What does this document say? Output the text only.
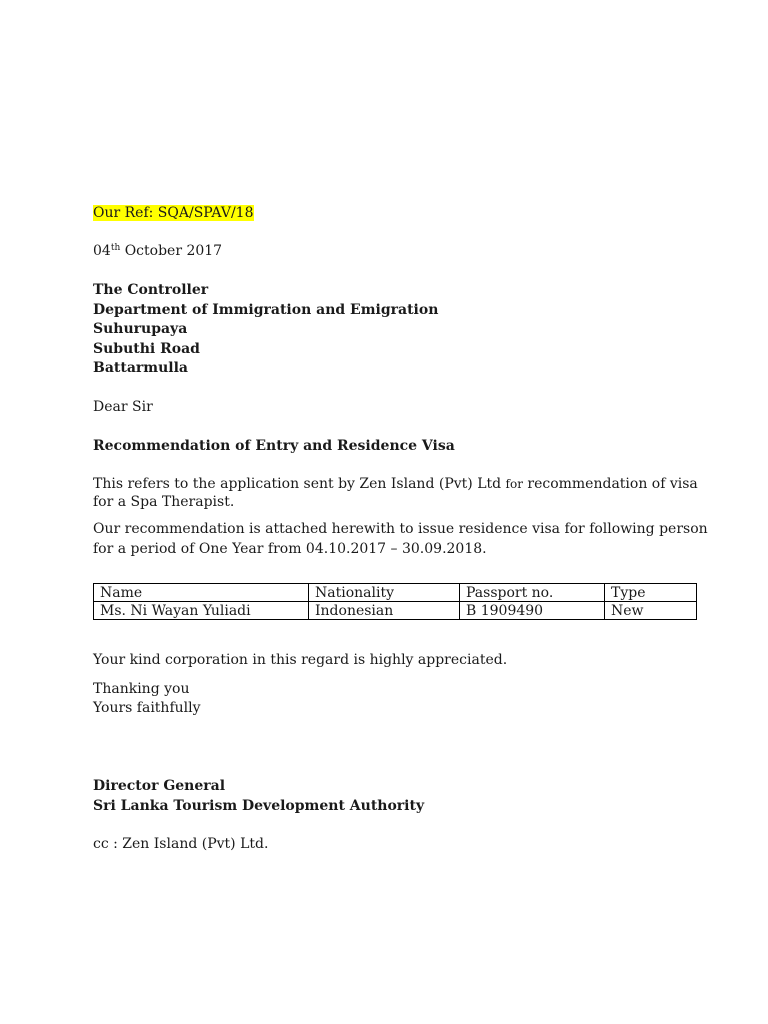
Our Ref: SQA/SPAV/18
04th October 2017
The Controller
Department of Immigration and Emigration
Suhurupaya
Subuthi Road
Battarmulla
Dear Sir
Recommendation of Entry and Residence Visa
This refers to the application sent by Zen Island (Pvt) Ltd for recommendation of visa
for a Spa Therapist.
Our recommendation is attached herewith to issue residence visa for following person
for a period of One Year from 04.10.2017 – 30.09.2018.
Name	Nationality	Passport no.	Type
Ms. Ni Wayan Yuliadi	Indonesian	B 1909490	New
Your kind corporation in this regard is highly appreciated.
Thanking you
Yours faithfully
Director General
Sri Lanka Tourism Development Authority
cc : Zen Island (Pvt) Ltd.
